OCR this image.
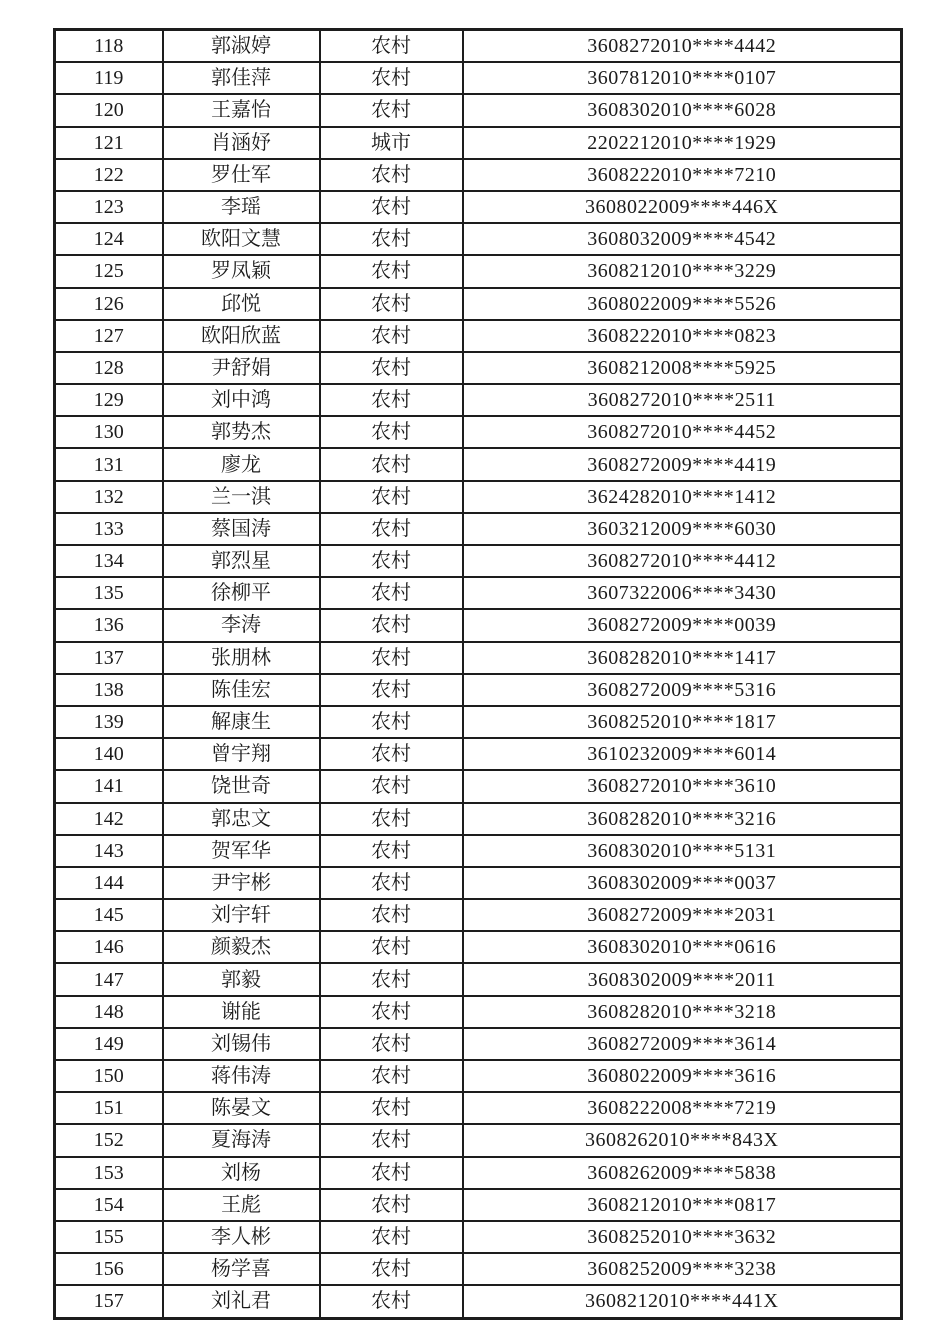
118	郭淑婷	农村	3608272010****4442
119	郭佳萍	农村	3607812010****0107
120	王嘉怡	农村	3608302010****6028
121	肖涵妤	城市	2202212010****1929
122	罗仕军	农村	3608222010****7210
123	李瑶	农村	3608022009****446X
124	欧阳文慧	农村	3608032009****4542
125	罗凤颖	农村	3608212010****3229
126	邱悦	农村	3608022009****5526
127	欧阳欣蓝	农村	3608222010****0823
128	尹舒娟	农村	3608212008****5925
129	刘中鸿	农村	3608272010****2511
130	郭势杰	农村	3608272010****4452
131	廖龙	农村	3608272009****4419
132	兰一淇	农村	3624282010****1412
133	蔡国涛	农村	3603212009****6030
134	郭烈星	农村	3608272010****4412
135	徐柳平	农村	3607322006****3430
136	李涛	农村	3608272009****0039
137	张朋林	农村	3608282010****1417
138	陈佳宏	农村	3608272009****5316
139	解康生	农村	3608252010****1817
140	曾宇翔	农村	3610232009****6014
141	饶世奇	农村	3608272010****3610
142	郭忠文	农村	3608282010****3216
143	贺军华	农村	3608302010****5131
144	尹宇彬	农村	3608302009****0037
145	刘宇轩	农村	3608272009****2031
146	颜毅杰	农村	3608302010****0616
147	郭毅	农村	3608302009****2011
148	谢能	农村	3608282010****3218
149	刘锡伟	农村	3608272009****3614
150	蒋伟涛	农村	3608022009****3616
151	陈晏文	农村	3608222008****7219
152	夏海涛	农村	3608262010****843X
153	刘杨	农村	3608262009****5838
154	王彪	农村	3608212010****0817
155	李人彬	农村	3608252010****3632
156	杨学喜	农村	3608252009****3238
157	刘礼君	农村	3608212010****441X
